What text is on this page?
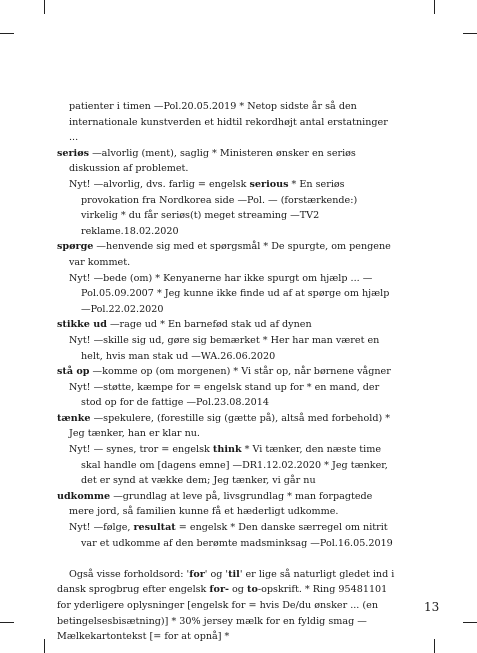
patienter i timen —Pol.20.05.2019 * Netop sidste år så den internationale kunstverden et hidtil rekordhøjt antal erstatninger ...

seriøs —alvorlig (ment), saglig * Ministeren ønsker en seriøs diskussion af problemet.

Nyt! —alvorlig, dvs. farlig = engelsk serious * En seriøs provokation fra Nordkorea side —Pol. — (forstærkende:) virkelig * du får seriøs(t) meget streaming —TV2 reklame.18.02.2020

spørge —henvende sig med et spørgsmål * De spurgte, om pengene var kommet.

Nyt! —bede (om) * Kenyanerne har ikke spurgt om hjælp ... —Pol.05.09.2007 * Jeg kunne ikke finde ud af at spørge om hjælp —Pol.22.02.2020

stikke ud —rage ud * En barnefød stak ud af dynen

Nyt! —skille sig ud, gøre sig bemærket * Her har man været en helt, hvis man stak ud —WA.26.06.2020

stå op —komme op (om morgenen) * Vi står op, når børnene vågner

Nyt! —støtte, kæmpe for = engelsk stand up for * en mand, der stod op for de fattige —Pol.23.08.2014

tænke —spekulere, (forestille sig (gætte på), altså med forbehold) * Jeg tænker, han er klar nu.

Nyt! — synes, tror = engelsk think * Vi tænker, den næste time skal handle om [dagens emne] —DR1.12.02.2020 * Jeg tænker, det er synd at vække dem; Jeg tænker, vi går nu

udkomme —grundlag at leve på, livsgrundlag * man forpagtede mere jord, så familien kunne få et hæderligt udkomme.

Nyt! —følge, resultat = engelsk * Den danske særregel om nitrit var et udkomme af den berømte madsminksag —Pol.16.05.2019

Også visse forholdsord: 'for' og 'til' er lige så naturligt gledet ind i dansk sprogbrug efter engelsk for- og to-opskrift. * Ring 95481101 for yderligere oplysninger [engelsk for = hvis De/du ønsker ... (en betingelsesbisætning)] * 30% jersey mælk for en fyldig smag —Mælkekartontekst [= for at opnå] *

13
